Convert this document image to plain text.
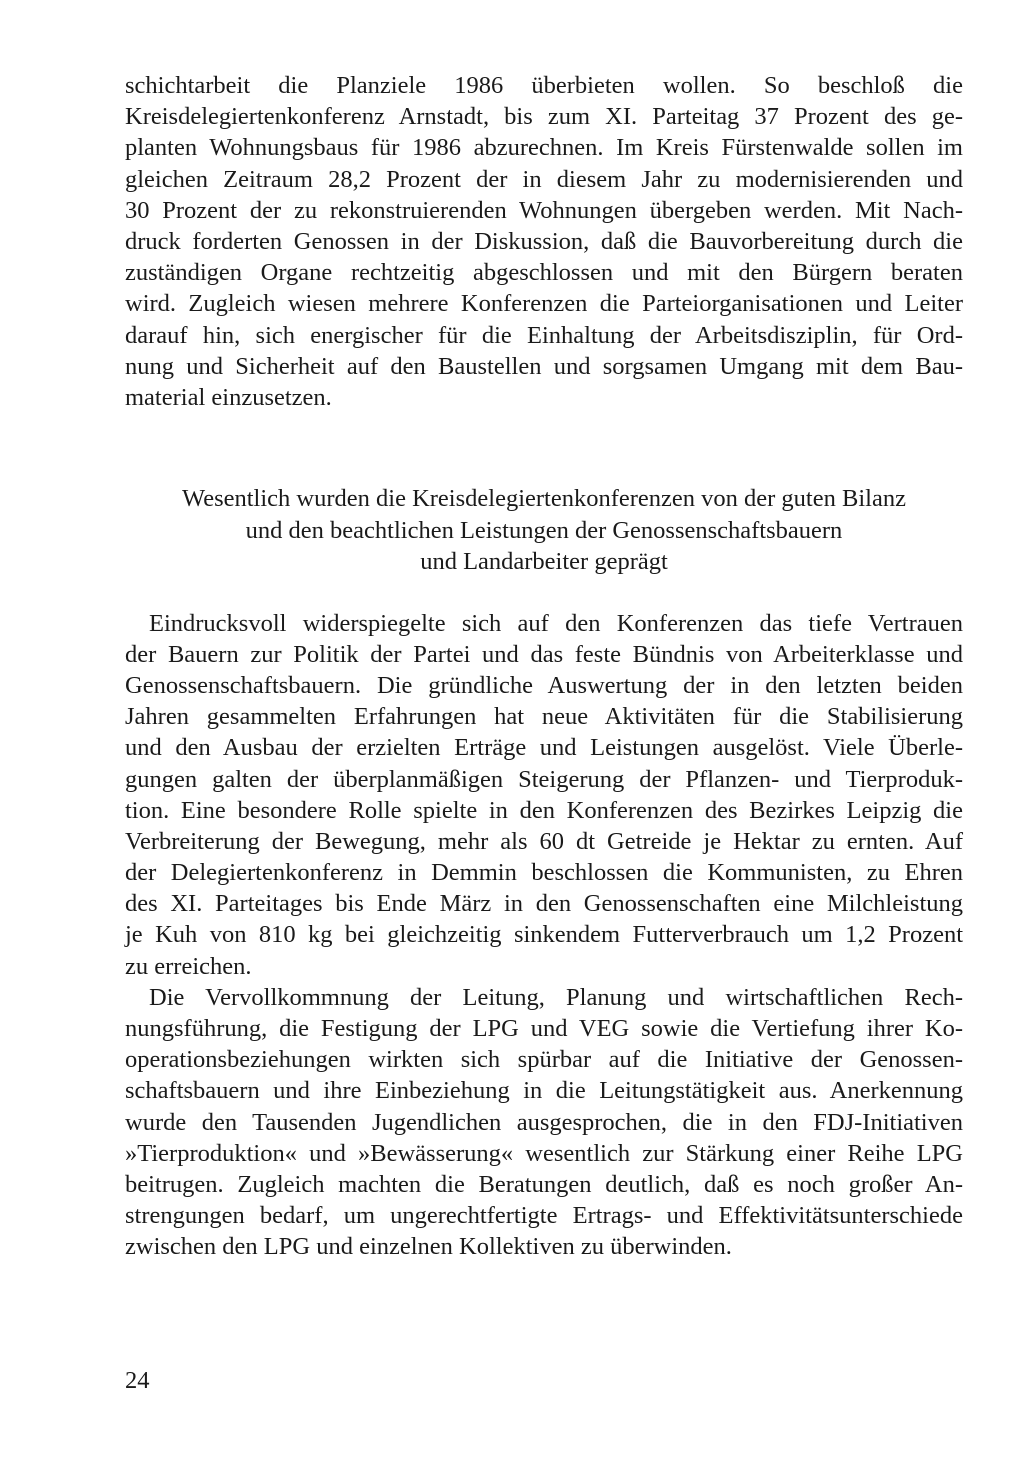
schichtarbeit die Planziele 1986 überbieten wollen. So beschloß die
Kreisdelegiertenkonferenz Arnstadt, bis zum XI. Parteitag 37 Prozent des ge-
planten Wohnungsbaus für 1986 abzurechnen. Im Kreis Fürstenwalde sollen im
gleichen Zeitraum 28,2 Prozent der in diesem Jahr zu modernisierenden und
30 Prozent der zu rekonstruierenden Wohnungen übergeben werden. Mit Nach-
druck forderten Genossen in der Diskussion, daß die Bauvorbereitung durch die
zuständigen Organe rechtzeitig abgeschlossen und mit den Bürgern beraten
wird. Zugleich wiesen mehrere Konferenzen die Parteiorganisationen und Leiter
darauf hin, sich energischer für die Einhaltung der Arbeitsdisziplin, für Ord-
nung und Sicherheit auf den Baustellen und sorgsamen Umgang mit dem Bau-
material einzusetzen.
Wesentlich wurden die Kreisdelegiertenkonferenzen von der guten Bilanz
und den beachtlichen Leistungen der Genossenschaftsbauern
und Landarbeiter geprägt
Eindrucksvoll widerspiegelte sich auf den Konferenzen das tiefe Vertrauen
der Bauern zur Politik der Partei und das feste Bündnis von Arbeiterklasse und
Genossenschaftsbauern. Die gründliche Auswertung der in den letzten beiden
Jahren gesammelten Erfahrungen hat neue Aktivitäten für die Stabilisierung
und den Ausbau der erzielten Erträge und Leistungen ausgelöst. Viele Überle-
gungen galten der überplanmäßigen Steigerung der Pflanzen- und Tierproduk-
tion. Eine besondere Rolle spielte in den Konferenzen des Bezirkes Leipzig die
Verbreiterung der Bewegung, mehr als 60 dt Getreide je Hektar zu ernten. Auf
der Delegiertenkonferenz in Demmin beschlossen die Kommunisten, zu Ehren
des XI. Parteitages bis Ende März in den Genossenschaften eine Milchleistung
je Kuh von 810 kg bei gleichzeitig sinkendem Futterverbrauch um 1,2 Prozent
zu erreichen.
Die Vervollkommnung der Leitung, Planung und wirtschaftlichen Rech-
nungsführung, die Festigung der LPG und VEG sowie die Vertiefung ihrer Ko-
operationsbeziehungen wirkten sich spürbar auf die Initiative der Genossen-
schaftsbauern und ihre Einbeziehung in die Leitungstätigkeit aus. Anerkennung
wurde den Tausenden Jugendlichen ausgesprochen, die in den FDJ-Initiativen
»Tierproduktion« und »Bewässerung« wesentlich zur Stärkung einer Reihe LPG
beitrugen. Zugleich machten die Beratungen deutlich, daß es noch großer An-
strengungen bedarf, um ungerechtfertigte Ertrags- und Effektivitätsunterschiede
zwischen den LPG und einzelnen Kollektiven zu überwinden.
24
